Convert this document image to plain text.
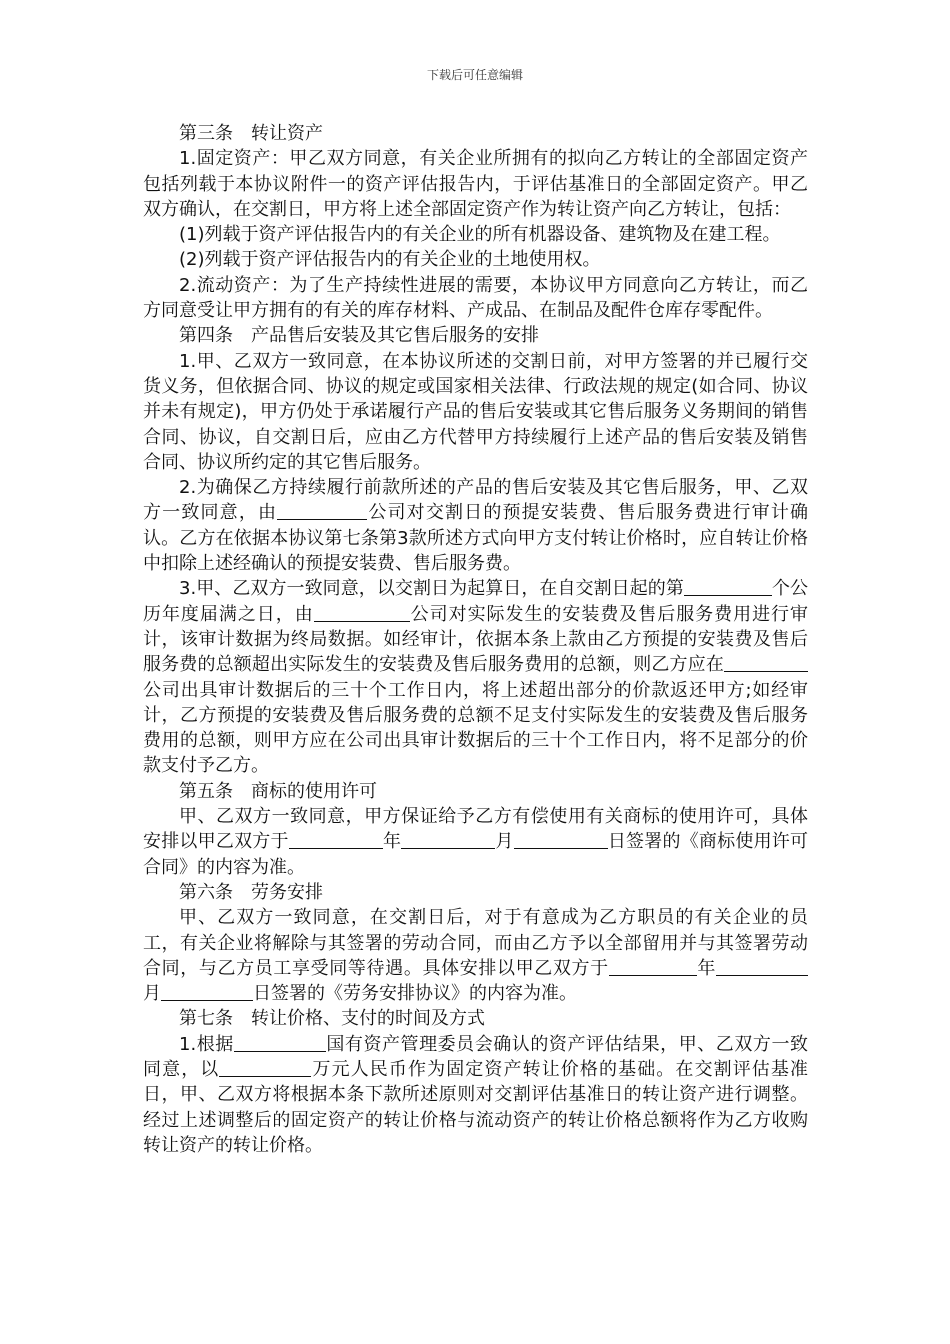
下载后可任意编辑

第三条　转让资产

1.固定资产：甲乙双方同意，有关企业所拥有的拟向乙方转让的全部固定资产包括列载于本协议附件一的资产评估报告内，于评估基准日的全部固定资产。甲乙双方确认，在交割日，甲方将上述全部固定资产作为转让资产向乙方转让，包括：

(1)列载于资产评估报告内的有关企业的所有机器设备、建筑物及在建工程。

(2)列载于资产评估报告内的有关企业的土地使用权。

2.流动资产：为了生产持续性进展的需要，本协议甲方同意向乙方转让，而乙方同意受让甲方拥有的有关的库存材料、产成品、在制品及配件仓库存零配件。

第四条　产品售后安装及其它售后服务的安排

1.甲、乙双方一致同意，在本协议所述的交割日前，对甲方签署的并已履行交货义务，但依据合同、协议的规定或国家相关法律、行政法规的规定(如合同、协议并未有规定)，甲方仍处于承诺履行产品的售后安装或其它售后服务义务期间的销售合同、协议，自交割日后，应由乙方代替甲方持续履行上述产品的售后安装及销售合同、协议所约定的其它售后服务。

2.为确保乙方持续履行前款所述的产品的售后安装及其它售后服务，甲、乙双方一致同意，由	公司对交割日的预提安装费、售后服务费进行审计确认。乙方在依据本协议第七条第3款所述方式向甲方支付转让价格时，应自转让价格中扣除上述经确认的预提安装费、售后服务费。

3.甲、乙双方一致同意，以交割日为起算日，在自交割日起的第	个公历年度届满之日，由	公司对实际发生的安装费及售后服务费用进行审计，该审计数据为终局数据。如经审计，依据本条上款由乙方预提的安装费及售后服务费的总额超出实际发生的安装费及售后服务费用的总额，则乙方应在公司出具审计数据后的三十个工作日内，将上述超出部分的价款返还甲方;如经审计，乙方预提的安装费及售后服务费的总额不足支付实际发生的安装费及售后服务费用的总额，则甲方应在公司出具审计数据后的三十个工作日内，将不足部分的价款支付予乙方。

第五条　商标的使用许可

甲、乙双方一致同意，甲方保证给予乙方有偿使用有关商标的使用许可，具体安排以甲乙双方于	年	月	日签署的《商标使用许可合同》的内容为准。

第六条　劳务安排

甲、乙双方一致同意，在交割日后，对于有意成为乙方职员的有关企业的员工，有关企业将解除与其签署的劳动合同，而由乙方予以全部留用并与其签署劳动合同，与乙方员工享受同等待遇。具体安排以甲乙双方于	年月	日签署的《劳务安排协议》的内容为准。

第七条　转让价格、支付的时间及方式

1.根据	国有资产管理委员会确认的资产评估结果，甲、乙双方一致同意，以	万元人民币作为固定资产转让价格的基础。在交割评估基准日，甲、乙双方将根据本条下款所述原则对交割评估基准日的转让资产进行调整。经过上述调整后的固定资产的转让价格与流动资产的转让价格总额将作为乙方收购转让资产的转让价格。
